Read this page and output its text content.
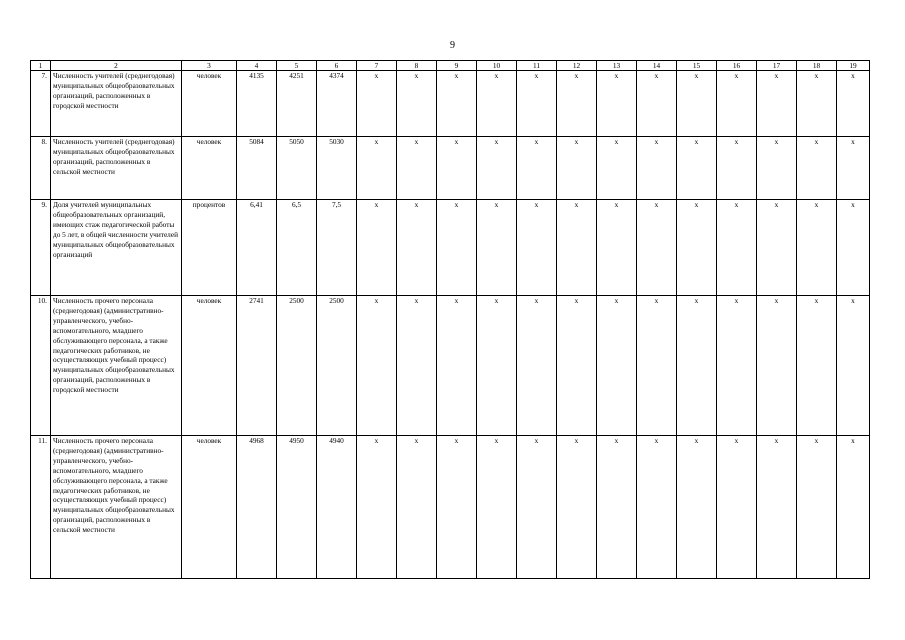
9
1	2	3	4	5	6	7	8	9	10	11	12	13	14	15	16	17	18	19
7.	Численность учителей (среднегодовая) муниципальных общеобразовательных организаций, расположенных в городской местности	человек	4135	4251	4374	x	x	x	x	x	x	x	x	x	x	x	x	x
8.	Численность учителей (среднегодовая) муниципальных общеобразовательных организаций, расположенных в сельской местности	человек	5084	5050	5030	x	x	x	x	x	x	x	x	x	x	x	x	x
9.	Доля учителей муниципальных общеобразовательных организаций, имеющих стаж педагогической работы до 5 лет, в общей численности учителей муниципальных общеобразовательных организаций	процентов	6,41	6,5	7,5	x	x	x	x	x	x	x	x	x	x	x	x	x
10.	Численность прочего персонала (среднегодовая) (административно-управленческого, учебно-вспомогательного, младшего обслуживающего персонала, а также педагогических работников, не осуществляющих учебный процесс) муниципальных общеобразовательных организаций, расположенных в городской местности	человек	2741	2500	2500	x	x	x	x	x	x	x	x	x	x	x	x	x
11.	Численность прочего персонала (среднегодовая) (административно-управленческого, учебно-вспомогательного, младшего обслуживающего персонала, а также педагогических работников, не осуществляющих учебный процесс) муниципальных общеобразовательных организаций, расположенных в сельской местности	человек	4968	4950	4940	x	x	x	x	x	x	x	x	x	x	x	x	x
